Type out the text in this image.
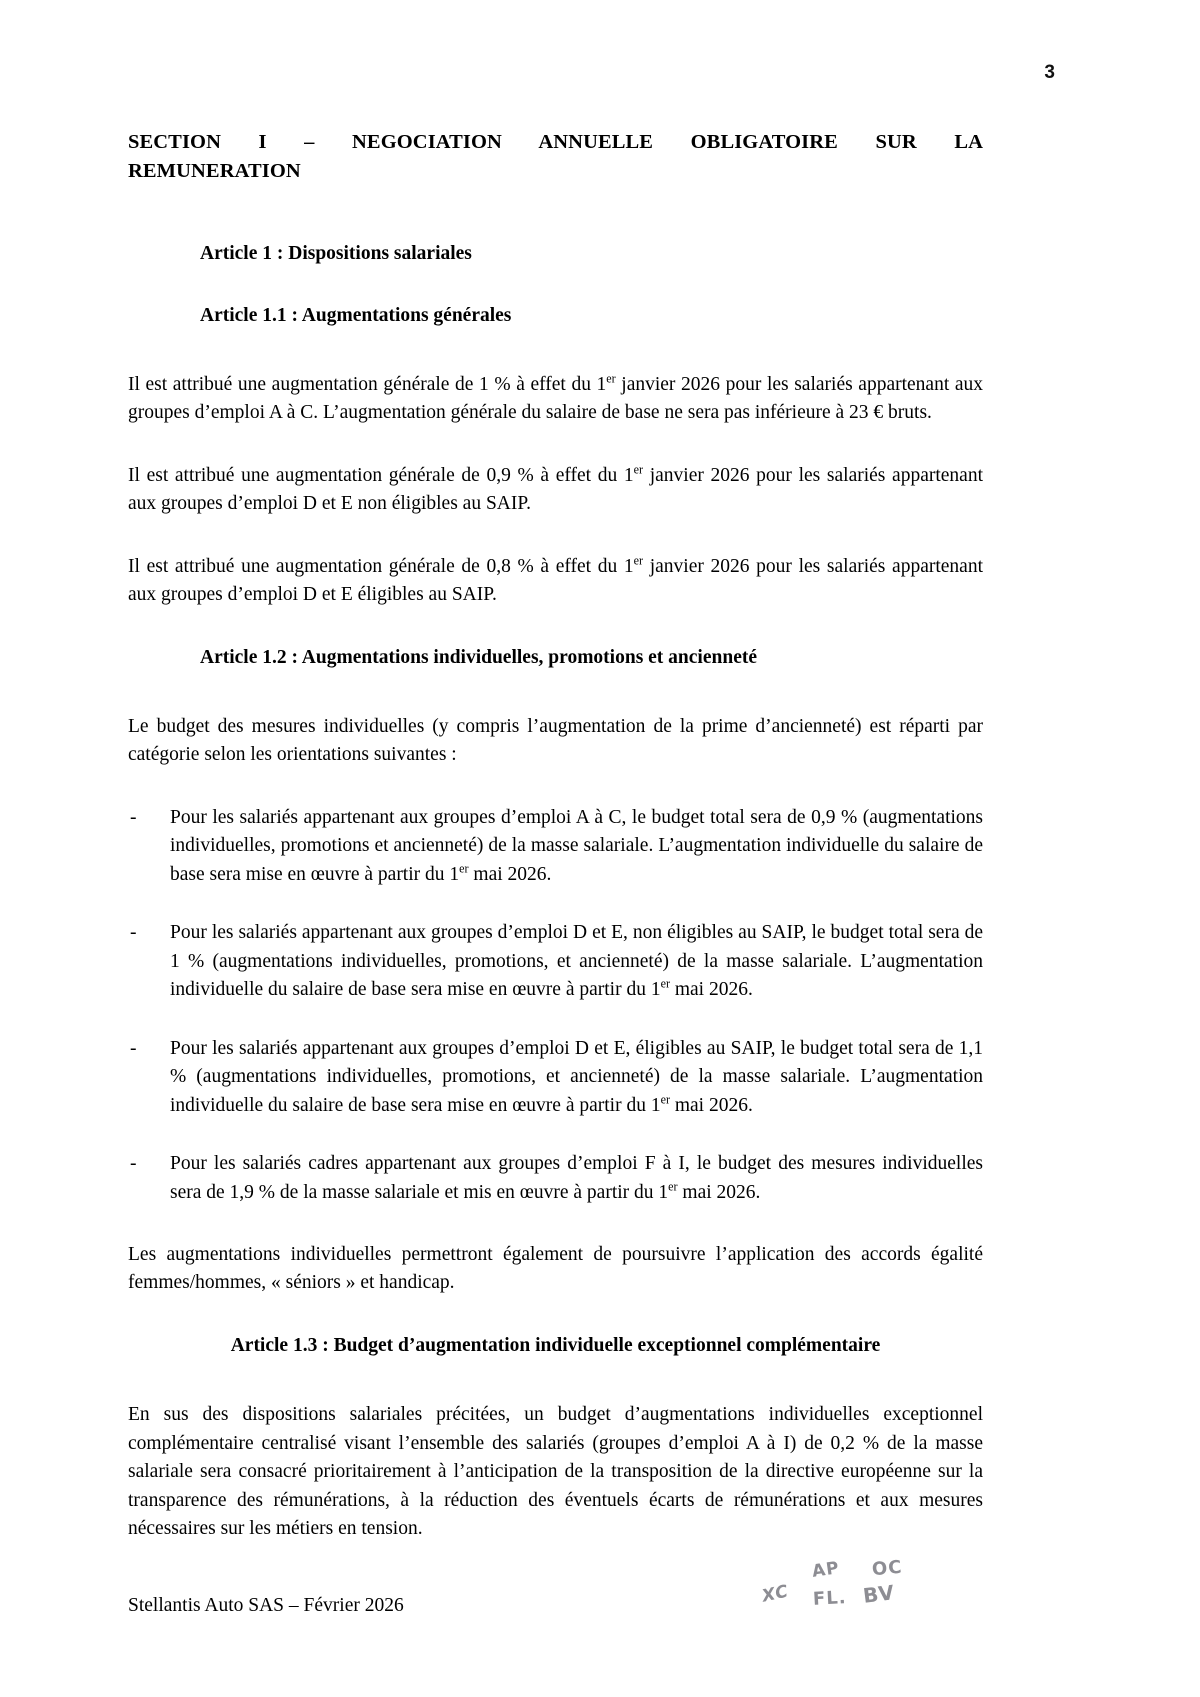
3
SECTION I – NEGOCIATION ANNUELLE OBLIGATOIRE SUR LA
REMUNERATION
Article 1 : Dispositions salariales
Article 1.1 : Augmentations générales

Il est attribué une augmentation générale de 1 % à effet du 1er janvier 2026 pour les salariés appartenant aux groupes d’emploi A à C. L’augmentation générale du salaire de base ne sera pas inférieure à 23 € bruts.

Il est attribué une augmentation générale de 0,9 % à effet du 1er janvier 2026 pour les salariés appartenant aux groupes d’emploi D et E non éligibles au SAIP.

Il est attribué une augmentation générale de 0,8 % à effet du 1er janvier 2026 pour les salariés appartenant aux groupes d’emploi D et E éligibles au SAIP.

Article 1.2 : Augmentations individuelles, promotions et ancienneté

Le budget des mesures individuelles (y compris l’augmentation de la prime d’ancienneté) est réparti par catégorie selon les orientations suivantes :

- Pour les salariés appartenant aux groupes d’emploi A à C, le budget total sera de 0,9 % (augmentations individuelles, promotions et ancienneté) de la masse salariale. L’augmentation individuelle du salaire de base sera mise en œuvre à partir du 1er mai 2026.
- Pour les salariés appartenant aux groupes d’emploi D et E, non éligibles au SAIP, le budget total sera de 1 % (augmentations individuelles, promotions, et ancienneté) de la masse salariale. L’augmentation individuelle du salaire de base sera mise en œuvre à partir du 1er mai 2026.
- Pour les salariés appartenant aux groupes d’emploi D et E, éligibles au SAIP, le budget total sera de 1,1 % (augmentations individuelles, promotions, et ancienneté) de la masse salariale. L’augmentation individuelle du salaire de base sera mise en œuvre à partir du 1er mai 2026.
- Pour les salariés cadres appartenant aux groupes d’emploi F à I, le budget des mesures individuelles sera de 1,9 % de la masse salariale et mis en œuvre à partir du 1er mai 2026.

Les augmentations individuelles permettront également de poursuivre l’application des accords égalité femmes/hommes, « séniors » et handicap.

Article 1.3 : Budget d’augmentation individuelle exceptionnel complémentaire

En sus des dispositions salariales précitées, un budget d’augmentations individuelles exceptionnel complémentaire centralisé visant l’ensemble des salariés (groupes d’emploi A à I) de 0,2 % de la masse salariale sera consacré prioritairement à l’anticipation de la transposition de la directive européenne sur la transparence des rémunérations, à la réduction des éventuels écarts de rémunérations et aux mesures nécessaires sur les métiers en tension.

Stellantis Auto SAS – Février 2026	XC
AP OC
FL. BV
